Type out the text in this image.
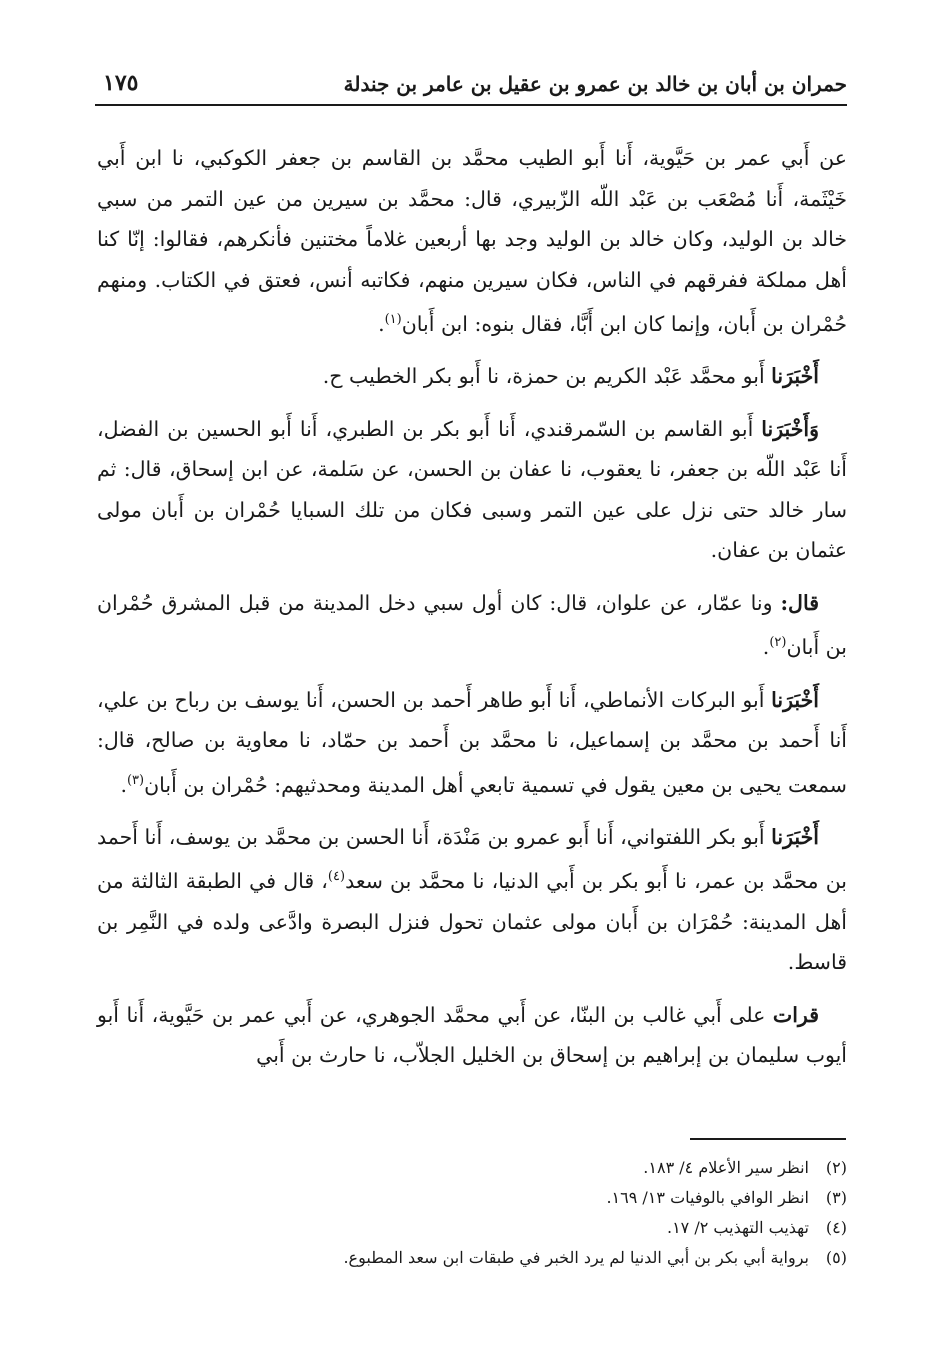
حمران بن أبان بن خالد بن عمرو بن عقيل بن عامر بن جندلة
١٧٥

عن أَبي عمر بن حَيَّوية، أَنا أَبو الطيب محمَّد بن القاسم بن جعفر الكوكبي، نا ابن أَبي خَيْثَمة، أَنا مُصْعَب بن عَبْد اللّه الزّبيري، قال: محمَّد بن سيرين من عين التمر من سبي خالد بن الوليد، وكان خالد بن الوليد وجد بها أربعين غلاماً مختنين فأنكرهم، فقالوا: إنّا كنا أهل مملكة ففرقهم في الناس، فكان سيرين منهم، فكاتبه أنس، فعتق في الكتاب. ومنهم حُمْران بن أَبان، وإنما كان ابن أَبَّا، فقال بنوه: ابن أَبان$^{(١)}$.

أَخْبَرَنا أَبو محمَّد عَبْد الكريم بن حمزة، نا أَبو بكر الخطيب ح.

وَأَخْبَرَنا أَبو القاسم بن السّمرقندي، أَنا أَبو بكر بن الطبري، أَنا أَبو الحسين بن الفضل، أَنا عَبْد اللّه بن جعفر، نا يعقوب، نا عفان بن الحسن، عن سَلمة، عن ابن إسحاق، قال: ثم سار خالد حتى نزل على عين التمر وسبى فكان من تلك السبايا حُمْران بن أَبان مولى عثمان بن عفان.

قال: ونا عمّار، عن علوان، قال: كان أول سبي دخل المدينة من قبل المشرق حُمْران بن أَبان$^{(٢)}$.

أَخْبَرَنا أَبو البركات الأنماطي، أَنا أَبو طاهر أَحمد بن الحسن، أَنا يوسف بن رباح بن علي، أَنا أَحمد بن محمَّد بن إسماعيل، نا محمَّد بن أَحمد بن حمّاد، نا معاوية بن صالح، قال: سمعت يحيى بن معين يقول في تسمية تابعي أهل المدينة ومحدثيهم: حُمْران بن أَبان$^{(٣)}$.

أَخْبَرَنا أَبو بكر اللفتواني، أَنا أَبو عمرو بن مَنْدَة، أَنا الحسن بن محمَّد بن يوسف، أَنا أَحمد بن محمَّد بن عمر، نا أَبو بكر بن أَبي الدنيا، نا محمَّد بن سعد$^{(٤)}$، قال في الطبقة الثالثة من أهل المدينة: حُمْرَان بن أَبان مولى عثمان تحول فنزل البصرة وادَّعى ولده في النَّمِر بن قاسط.

قرات على أَبي غالب بن البنّا، عن أَبي محمَّد الجوهري، عن أَبي عمر بن حَيَّوية، أَنا أَبو أيوب سليمان بن إبراهيم بن إسحاق بن الخليل الجلاّب، نا حارث بن أَبي

(٢)انظر سير الأعلام ٤/ ١٨٣.
(٣)انظر الوافي بالوفيات ١٣/ ١٦٩.
(٤)تهذيب التهذيب ٢/ ١٧.
(٥)برواية أبي بكر بن أبي الدنيا لم يرد الخبر في طبقات ابن سعد المطبوع.
